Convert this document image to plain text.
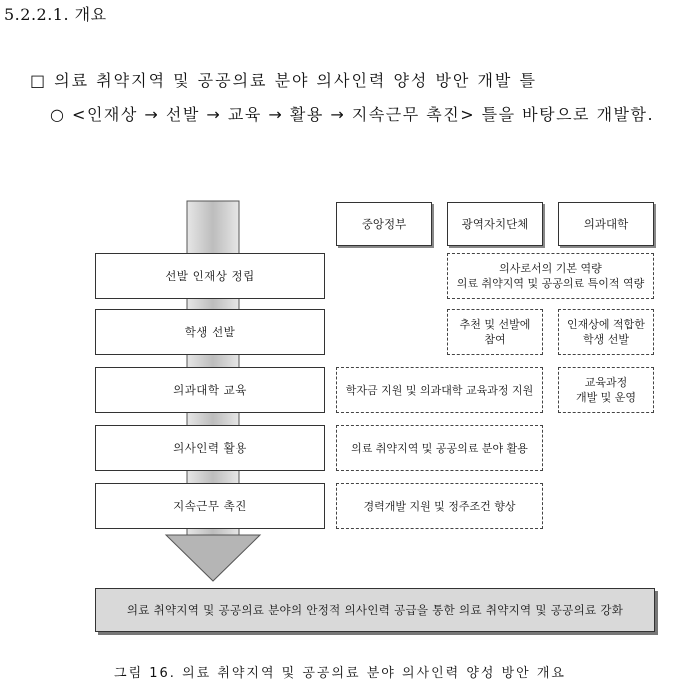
5.2.2.1. 개요
□ 의료 취약지역 및 공공의료 분야 의사인력 양성 방안 개발 틀
○ <인재상 → 선발 → 교육 → 활용 → 지속근무 촉진> 틀을 바탕으로 개발함.
중앙정부	광역자치단체	의과대학
선발 인재상 정립
학생 선발
의과대학 교육
의사인력 활용
지속근무 촉진
의사로서의 기본 역량
의료 취약지역 및 공공의료 특이적 역량
추천 및 선발에
참여
인재상에 적합한
학생 선발
학자금 지원 및 의과대학 교육과정 지원
교육과정
개발 및 운영
의료 취약지역 및 공공의료 분야 활용
경력개발 지원 및 정주조건 향상
의료 취약지역 및 공공의료 분야의 안정적 의사인력 공급을 통한 의료 취약지역 및 공공의료 강화
그림 16. 의료 취약지역 및 공공의료 분야 의사인력 양성 방안 개요
